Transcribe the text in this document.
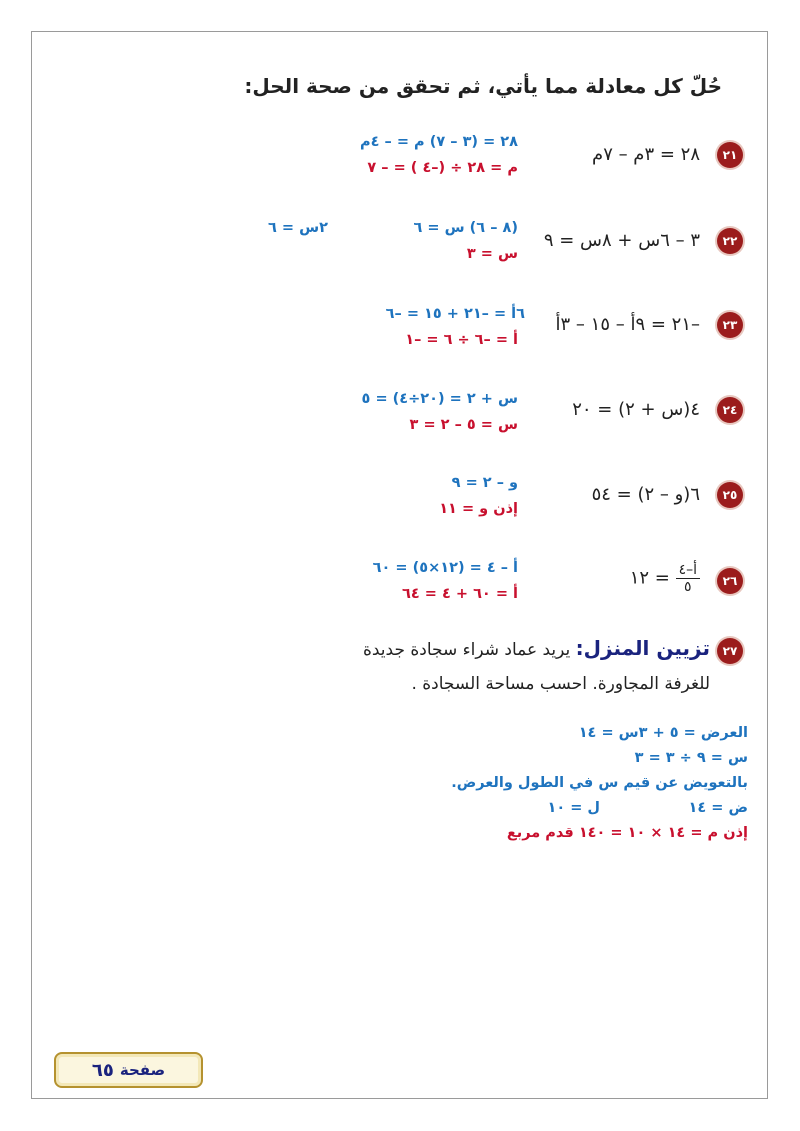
حُلّ كل معادلة مما يأتي، ثم تحقق من صحة الحل:
٢١
٢٨ = ٣م – ٧م
٢٨ = (٣ – ٧) م = – ٤م
م = ٢٨ ÷ (–٤ ) = – ٧
٢٢
٣ – ٦س + ٨س = ٩
(٨ – ٦) س = ٦
٢س = ٦
س = ٣
٢٣
–٢١ = ٩أ – ١٥ – ٣أ
٦أ = –٢١ + ١٥ = –٦
أ = –٦ ÷ ٦ = –١
٢٤
٤(س + ٢) = ٢٠
س + ٢ = (٢٠÷٤) = ٥
س = ٥ – ٢ = ٣
٢٥
٦(و – ٢) = ٥٤
و – ٢ = ٩
إذن و = ١١
٢٦
$\frac{\text{أ–٤}}{٥}$
= ١٢
أ – ٤ = (١٢×٥) = ٦٠
أ = ٦٠ + ٤ = ٦٤
٢٧
تزيين المنزل: يريد عماد شراء سجادة جديدة
للغرفة المجاورة. احسب مساحة السجادة .
العرض = ٥ + ٣س = ١٤
س = ٩ ÷ ٣ = ٣
بالتعويض عن قيم س في الطول والعرض.
ض = ١٤
ل = ١٠
إذن م = ١٤ × ١٠ = ١٤٠ قدم مربع
صفحة
٦٥
